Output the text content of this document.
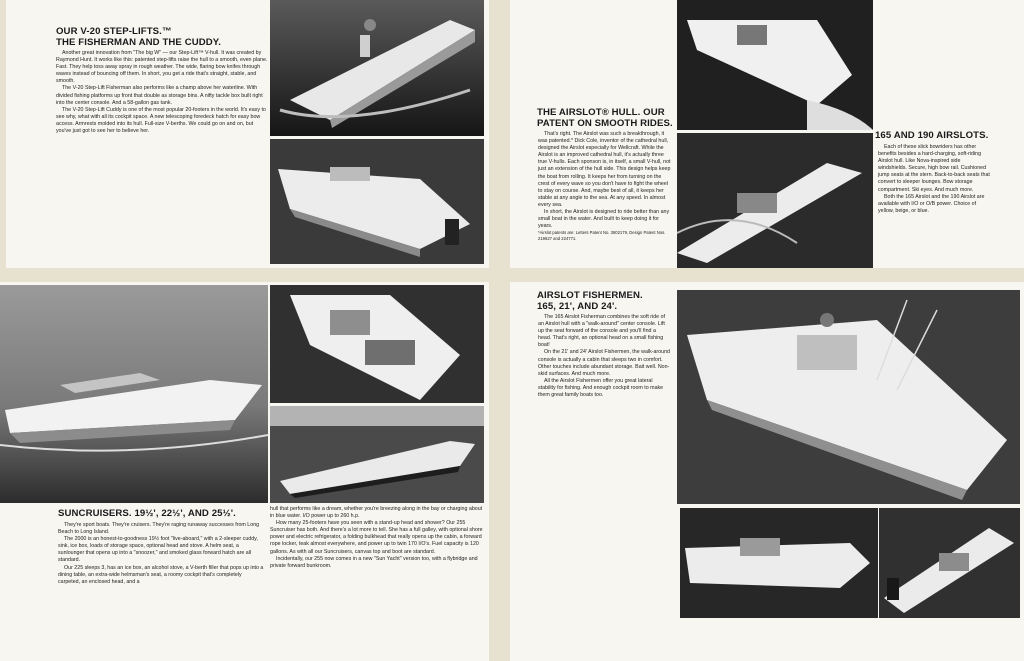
OUR V-20 STEP-LIFTS.™
THE FISHERMAN AND THE CUDDY.

Another great innovation from "The big W" — our Step-Lift™ V-hull. It was created by Raymond Hunt. It works like this: patented step-lifts raise the hull to a smooth, even plane. Fast. They help toss away spray in rough weather. The wide, flaring bow knifes through waves instead of bouncing off them. In short, you get a ride that's straight, stable, and smooth.

The V-20 Step-Lift Fisherman also performs like a champ above her waterline. With divided fishing platforms up front that double as storage bins. A nifty tackle box built right into the center console. And a 58-gallon gas tank.

The V-20 Step-Lift Cuddy is one of the most popular 20-footers in the world. It's easy to see why, what with all its cockpit space. A new telescoping foredeck hatch for easy bow access. Armrests molded into its hull. Full-size V-berths. We could go on and on, but you've just got to see her to believe her.

THE AIRSLOT® HULL. OUR
PATENT ON SMOOTH RIDES.

That's right. The Airslot was such a breakthrough, it was patented.* Dick Cole, inventor of the cathedral hull, designed the Airslot especially for Wellcraft. While the Airslot is an improved cathedral hull, it's actually three true V-hulls. Each sponson is, in itself, a small V-hull, not just an extension of the hull side. This design helps keep the boat from rolling. It keeps her from turning on the crest of every wave so you don't have to fight the wheel to stay on course. And, maybe best of all, it keeps her stable at any angle to the sea. At any speed. In almost every sea.

In short, the Airslot is designed to ride better than any small boat in the water. And built to keep doing it for years.

*Airslot patents are: Letters Patent No. 3602179, Design Patent Nos. 219627 and 224771.

165 AND 190 AIRSLOTS.

Each of these slick bowriders has other benefits besides a hard-charging, soft-riding Airslot hull. Like Nova-inspired side windshields. Secure, high bow rail. Cushioned jump seats at the stern. Back-to-back seats that convert to sleeper lounges. Bow storage compartment. Ski eyes. And much more.

Both the 165 Airslot and the 190 Airslot are available with I/O or O/B power. Choice of yellow, beige, or blue.

SUNCRUISERS. 19½', 22½', AND 25½'.

They're sport boats. They're cruisers. They're raging runaway successes from Long Beach to Long Island.

The 2000 is an honest-to-goodness 19½ foot "live-aboard," with a 2-sleeper cuddy, sink, ice box, loads of storage space, optional head and stove. A helm seat, a sunlounger that opens up into a "snoozer," and smoked glass forward hatch are all standard.

Our 225 sleeps 3, has an ice box, an alcohol stove, a V-berth filler that pops up into a dining table, an extra-wide helmsman's seat, a roomy cockpit that's completely carpeted, an enclosed head, and a

hull that performs like a dream, whether you're breezing along in the bay or charging about in blue water. I/O power up to 260 h.p.

How many 25-footers have you seen with a stand-up head and shower? Our 255 Suncruiser has both. And there's a lot more to tell. She has a full galley, with optional shore power and electric refrigerator, a folding bulkhead that really opens up the cabin, a forward rope locker, teak almost everywhere, and power up to twin 170 I/O's. Fuel capacity is 120 gallons. As with all our Suncruisers, canvas top and boot are standard.

Incidentally, our 255 now comes in a new "Sun Yacht" version too, with a flybridge and private forward bunkroom.

AIRSLOT FISHERMEN.
165, 21', AND 24'.

The 165 Airslot Fisherman combines the soft ride of an Airslot hull with a "walk-around" center console. Lift up the seat forward of the console and you'll find a head. That's right, an optional head on a small fishing boat!

On the 21' and 24' Airslot Fishermen, the walk-around console is actually a cabin that sleeps two in comfort. Other touches include abundant storage. Bait well. Non-skid surfaces. And much more.

All the Airslot Fishermen offer you great lateral stability for fishing. And enough cockpit room to make them great family boats too.
